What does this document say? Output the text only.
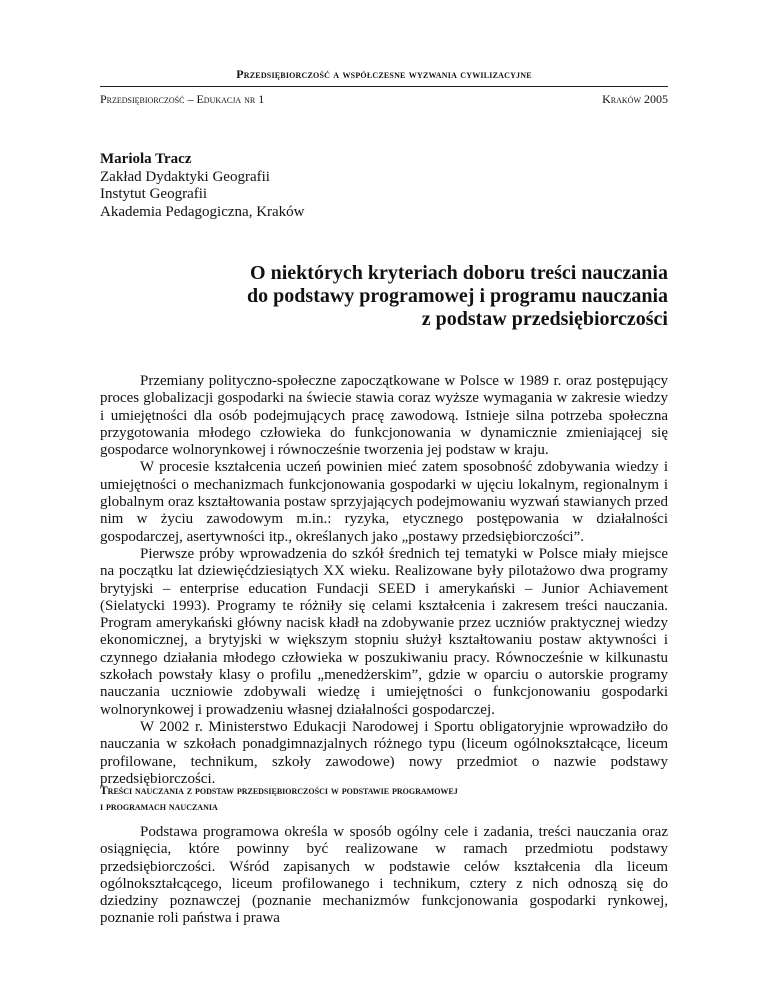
Przedsiębiorczość a współczesne wyzwania cywilizacyjne
Przedsiębiorczość – Edukacja nr 1	Kraków 2005
Mariola Tracz
Zakład Dydaktyki Geografii
Instytut Geografii
Akademia Pedagogiczna, Kraków
O niektórych kryteriach doboru treści nauczania
do podstawy programowej i programu nauczania
z podstaw przedsiębiorczości

Przemiany polityczno-społeczne zapoczątkowane w Polsce w 1989 r. oraz postępujący proces globalizacji gospodarki na świecie stawia coraz wyższe wymagania w zakresie wiedzy i umiejętności dla osób podejmujących pracę zawodową. Istnieje silna potrzeba społeczna przygotowania młodego człowieka do funkcjonowania w dynamicznie zmieniającej się gospodarce wolnorynkowej i równocześnie tworzenia jej podstaw w kraju.

W procesie kształcenia uczeń powinien mieć zatem sposobność zdobywania wiedzy i umiejętności o mechanizmach funkcjonowania gospodarki w ujęciu lokalnym, regionalnym i globalnym oraz kształtowania postaw sprzyjających podejmowaniu wyzwań stawianych przed nim w życiu zawodowym m.in.: ryzyka, etycznego postępowania w działalności gospodarczej, asertywności itp., określanych jako „postawy przedsiębiorczości”.

Pierwsze próby wprowadzenia do szkół średnich tej tematyki w Polsce miały miejsce na początku lat dziewięćdziesiątych XX wieku. Realizowane były pilotażowo dwa programy brytyjski – enterprise education Fundacji SEED i amerykański – Junior Achiavement (Sielatycki 1993). Programy te różniły się celami kształcenia i zakresem treści nauczania. Program amerykański główny nacisk kładł na zdobywanie przez uczniów praktycznej wiedzy ekonomicznej, a brytyjski w większym stopniu służył kształtowaniu postaw aktywności i czynnego działania młodego człowieka w poszukiwaniu pracy. Równocześnie w kilkunastu szkołach powstały klasy o profilu „menedżerskim”, gdzie w oparciu o autorskie programy nauczania uczniowie zdobywali wiedzę i umiejętności o funkcjonowaniu gospodarki wolnorynkowej i prowadzeniu własnej działalności gospodarczej.

W 2002 r. Ministerstwo Edukacji Narodowej i Sportu obligatoryjnie wprowadziło do nauczania w szkołach ponadgimnazjalnych różnego typu (liceum ogólnokształcące, liceum profilowane, technikum, szkoły zawodowe) nowy przedmiot o nazwie podstawy przedsiębiorczości.

Treści nauczania z podstaw przedsiębiorczości w podstawie programowej
i programach nauczania

Podstawa programowa określa w sposób ogólny cele i zadania, treści nauczania oraz osiągnięcia, które powinny być realizowane w ramach przedmiotu podstawy przedsiębiorczości. Wśród zapisanych w podstawie celów kształcenia dla liceum ogólnokształcącego, liceum profilowanego i technikum, cztery z nich odnoszą się do dziedziny poznawczej (poznanie mechanizmów funkcjonowania gospodarki rynkowej, poznanie roli państwa i prawa
